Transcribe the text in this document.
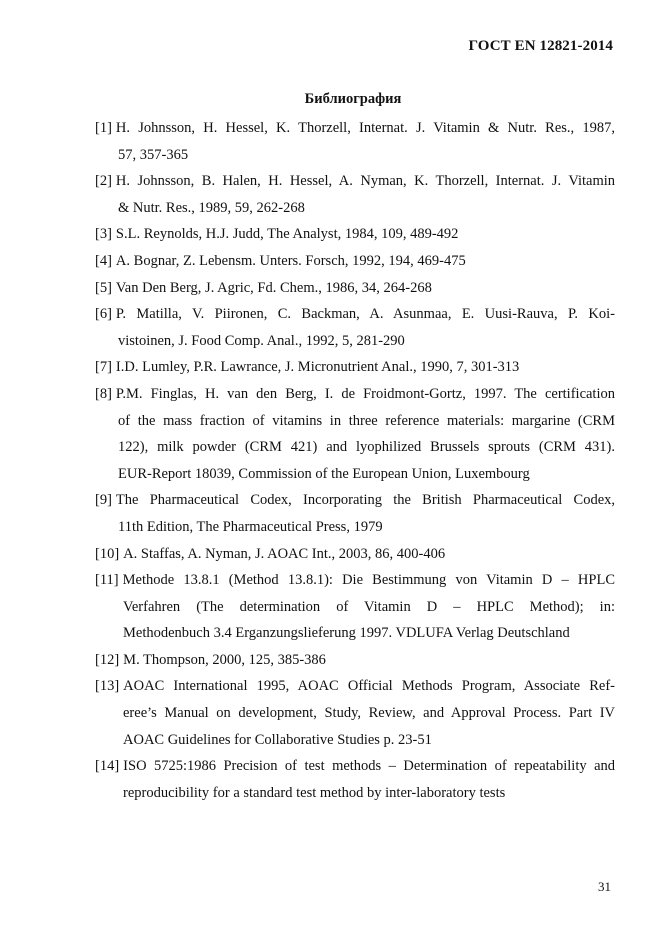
ГОСТ EN 12821-2014
Библиография
[1] H. Johnsson, H. Hessel, K. Thorzell, Internat. J. Vitamin & Nutr. Res., 1987,
57, 357-365
[2] H. Johnsson, B. Halen, H. Hessel, A. Nyman, K. Thorzell, Internat. J. Vitamin
& Nutr. Res., 1989, 59, 262-268
[3] S.L. Reynolds, H.J. Judd, The Analyst, 1984, 109, 489-492
[4] A. Bognar, Z. Lebensm. Unters. Forsch, 1992, 194, 469-475
[5] Van Den Berg, J. Agric, Fd. Chem., 1986, 34, 264-268
[6] P. Matilla, V. Piironen, C. Backman, A. Asunmaa, E. Uusi-Rauva, P. Koi-
vistoinen, J. Food Comp. Anal., 1992, 5, 281-290
[7] I.D. Lumley, P.R. Lawrance, J. Micronutrient Anal., 1990, 7, 301-313
[8] P.M. Finglas, H. van den Berg, I. de Froidmont-Gortz, 1997. The certification
of the mass fraction of vitamins in three reference materials: margarine (CRM
122), milk powder (CRM 421) and lyophilized Brussels sprouts (CRM 431).
EUR-Report 18039, Commission of the European Union, Luxembourg
[9] The Pharmaceutical Codex, Incorporating the British Pharmaceutical Codex,
11th Edition, The Pharmaceutical Press, 1979
[10] A. Staffas, A. Nyman, J. AOAC Int., 2003, 86, 400-406
[11] Methode 13.8.1 (Method 13.8.1): Die Bestimmung von Vitamin D – HPLC
Verfahren (The determination of Vitamin D – HPLC Method); in:
Methodenbuch 3.4 Erganzungslieferung 1997. VDLUFA Verlag Deutschland
[12] M. Thompson, 2000, 125, 385-386
[13] AOAC International 1995, AOAC Official Methods Program, Associate Ref-
eree’s Manual on development, Study, Review, and Approval Process. Part IV
AOAC Guidelines for Collaborative Studies p. 23-51
[14] ISO 5725:1986 Precision of test methods – Determination of repeatability and
reproducibility for a standard test method by inter-laboratory tests
31
